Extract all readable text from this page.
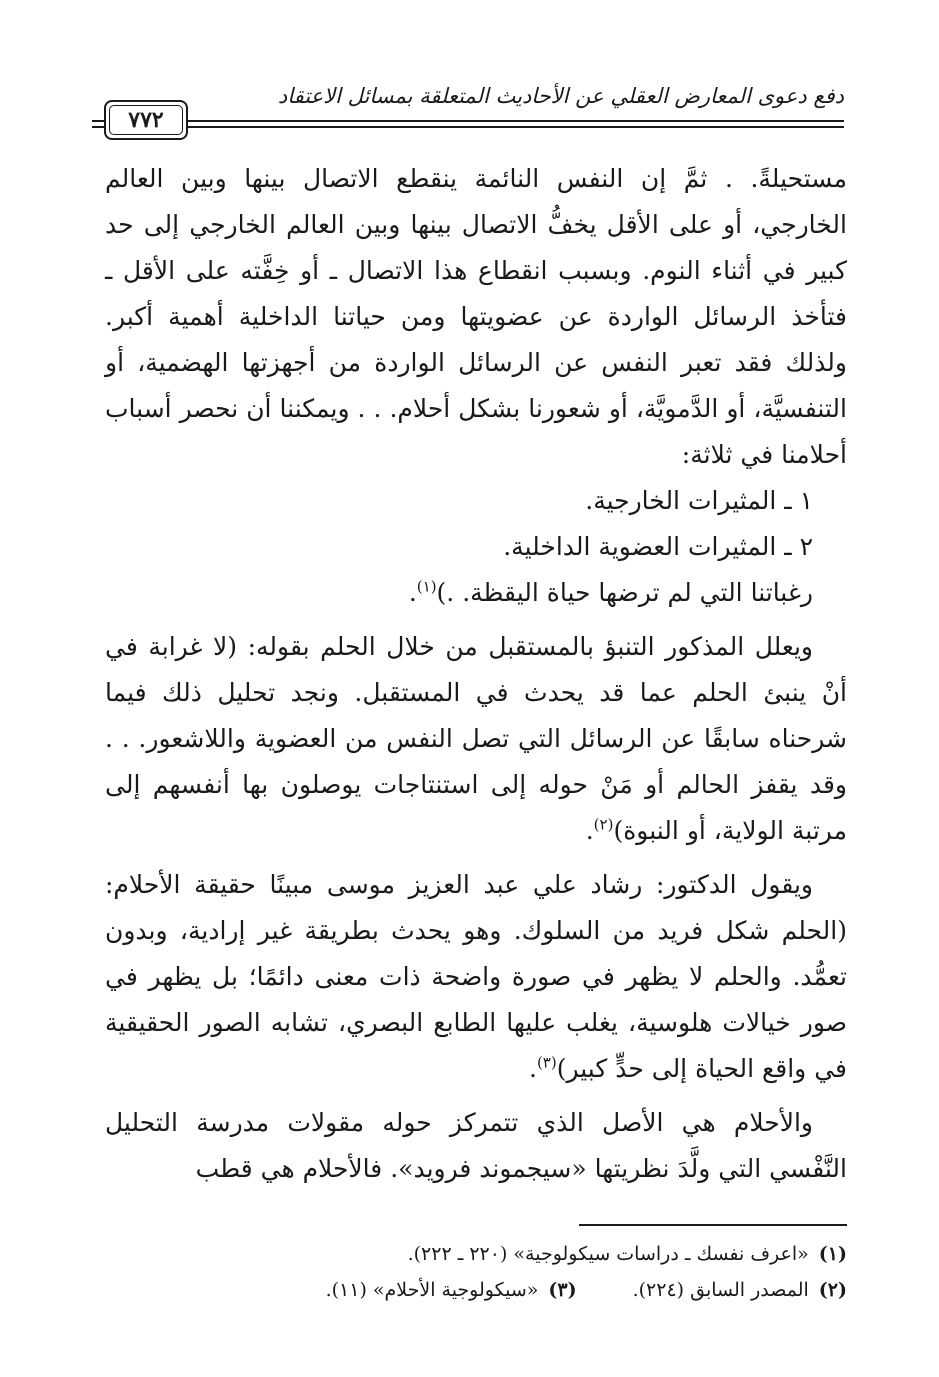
دفع دعوى المعارض العقلي عن الأحاديث المتعلقة بمسائل الاعتقاد
٧٧٢

مستحيلةً. . ثمَّ إن النفس النائمة ينقطع الاتصال بينها وبين العالم الخارجي، أو على الأقل يخفُّ الاتصال بينها وبين العالم الخارجي إلى حد كبير في أثناء النوم. وبسبب انقطاع هذا الاتصال ـ أو خِفَّته على الأقل ـ فتأخذ الرسائل الواردة عن عضويتها ومن حياتنا الداخلية أهمية أكبر. ولذلك فقد تعبر النفس عن الرسائل الواردة من أجهزتها الهضمية، أو التنفسيَّة، أو الدَّمويَّة، أو شعورنا بشكل أحلام. . . ويمكننا أن نحصر أسباب أحلامنا في ثلاثة:

١ ـ المثيرات الخارجية.

٢ ـ المثيرات العضوية الداخلية.

رغباتنا التي لم ترضها حياة اليقظة. .)$^{(١)}$.

ويعلل المذكور التنبؤ بالمستقبل من خلال الحلم بقوله: (لا غرابة في أنْ ينبئ الحلم عما قد يحدث في المستقبل. ونجد تحليل ذلك فيما شرحناه سابقًا عن الرسائل التي تصل النفس من العضوية واللاشعور. . . وقد يقفز الحالم أو مَنْ حوله إلى استنتاجات يوصلون بها أنفسهم إلى مرتبة الولاية، أو النبوة)$^{(٢)}$.

ويقول الدكتور: رشاد علي عبد العزيز موسى مبينًا حقيقة الأحلام: (الحلم شكل فريد من السلوك. وهو يحدث بطريقة غير إرادية، وبدون تعمُّد. والحلم لا يظهر في صورة واضحة ذات معنى دائمًا؛ بل يظهر في صور خيالات هلوسية، يغلب عليها الطابع البصري، تشابه الصور الحقيقية في واقع الحياة إلى حدٍّ كبير)$^{(٣)}$.

والأحلام هي الأصل الذي تتمركز حوله مقولات مدرسة التحليل النَّفْسي التي ولَّدَ نظريتها «سيجموند فرويد». فالأحلام هي قطب

(١)
«اعرف نفسك ـ دراسات سيكولوجية» (٢٢٠ ـ ٢٢٢).
(٢)
المصدر السابق (٢٢٤).
(٣)
«سيكولوجية الأحلام» (١١).
